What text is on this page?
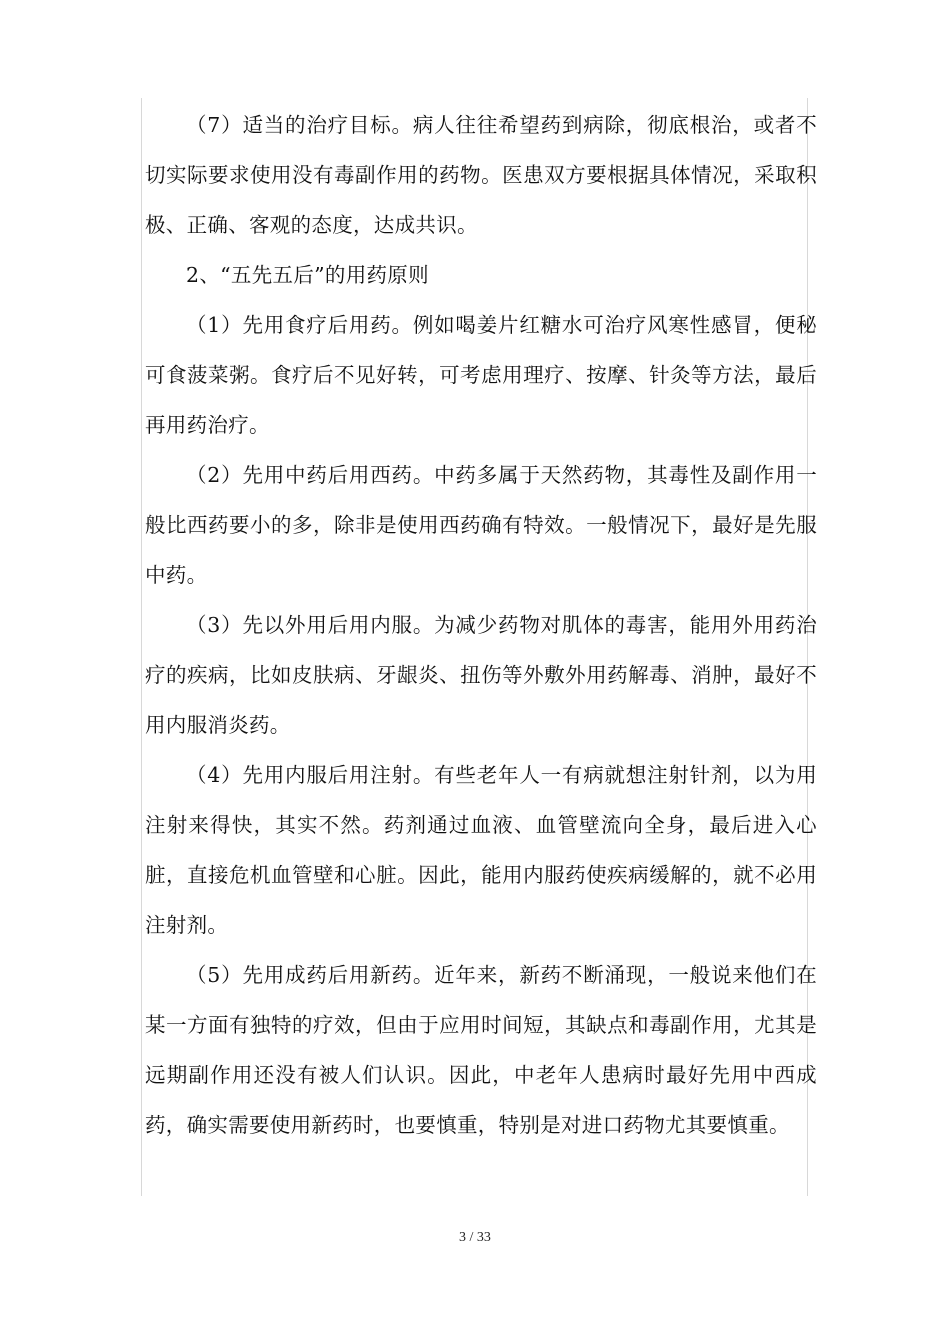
（7）适当的治疗目标。病人往往希望药到病除，彻底根治，或者不切实际要求使用没有毒副作用的药物。医患双方要根据具体情况，采取积极、正确、客观的态度，达成共识。

2、“五先五后”的用药原则

（1）先用食疗后用药。例如喝姜片红糖水可治疗风寒性感冒，便秘可食菠菜粥。食疗后不见好转，可考虑用理疗、按摩、针灸等方法，最后再用药治疗。

（2）先用中药后用西药。中药多属于天然药物，其毒性及副作用一般比西药要小的多，除非是使用西药确有特效。一般情况下，最好是先服中药。

（3）先以外用后用内服。为减少药物对肌体的毒害，能用外用药治疗的疾病，比如皮肤病、牙龈炎、扭伤等外敷外用药解毒、消肿，最好不用内服消炎药。

（4）先用内服后用注射。有些老年人一有病就想注射针剂，以为用注射来得快，其实不然。药剂通过血液、血管壁流向全身，最后进入心脏，直接危机血管壁和心脏。因此，能用内服药使疾病缓解的，就不必用注射剂。

（5）先用成药后用新药。近年来，新药不断涌现，一般说来他们在某一方面有独特的疗效，但由于应用时间短，其缺点和毒副作用，尤其是远期副作用还没有被人们认识。因此，中老年人患病时最好先用中西成药，确实需要使用新药时，也要慎重，特别是对进口药物尤其要慎重。

3 / 33
